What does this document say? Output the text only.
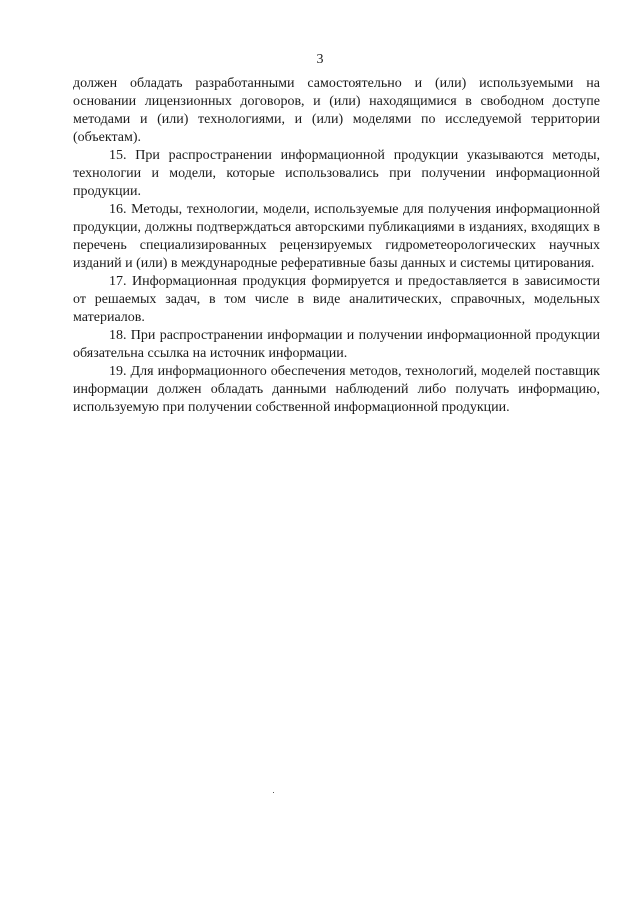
3

должен обладать разработанными самостоятельно и (или) используемыми на основании лицензионных договоров, и (или) находящимися в свободном доступе методами и (или) технологиями, и (или) моделями по исследуемой территории (объектам).

15. При распространении информационной продукции указываются методы, технологии и модели, которые использовались при получении информационной продукции.

16. Методы, технологии, модели, используемые для получения информационной продукции, должны подтверждаться авторскими публикациями в изданиях, входящих в перечень специализированных рецензируемых гидрометеорологических научных изданий и (или) в международные реферативные базы данных и системы цитирования.

17. Информационная продукция формируется и предоставляется в зависимости от решаемых задач, в том числе в виде аналитических, справочных, модельных материалов.

18. При распространении информации и получении информационной продукции обязательна ссылка на источник информации.

19. Для информационного обеспечения методов, технологий, моделей поставщик информации должен обладать данными наблюдений либо получать информацию, используемую при получении собственной информационной продукции.
